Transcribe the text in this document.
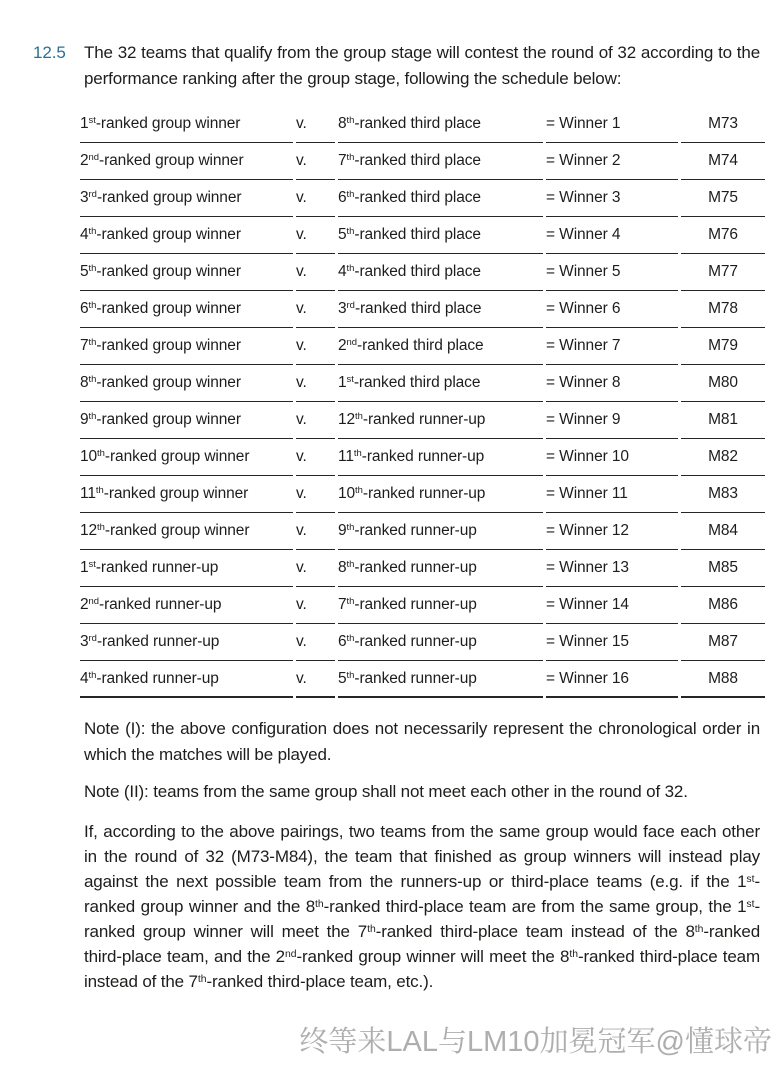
12.5	The 32 teams that qualify from the group stage will contest the round of 32 according to the performance ranking after the group stage, following the schedule below:

1st-ranked group winner	v.	8th-ranked third place	= Winner 1	M73
2nd-ranked group winner	v.	7th-ranked third place	= Winner 2	M74
3rd-ranked group winner	v.	6th-ranked third place	= Winner 3	M75
4th-ranked group winner	v.	5th-ranked third place	= Winner 4	M76
5th-ranked group winner	v.	4th-ranked third place	= Winner 5	M77
6th-ranked group winner	v.	3rd-ranked third place	= Winner 6	M78
7th-ranked group winner	v.	2nd-ranked third place	= Winner 7	M79
8th-ranked group winner	v.	1st-ranked third place	= Winner 8	M80
9th-ranked group winner	v.	12th-ranked runner-up	= Winner 9	M81
10th-ranked group winner	v.	11th-ranked runner-up	= Winner 10	M82
11th-ranked group winner	v.	10th-ranked runner-up	= Winner 11	M83
12th-ranked group winner	v.	9th-ranked runner-up	= Winner 12	M84
1st-ranked runner-up	v.	8th-ranked runner-up	= Winner 13	M85
2nd-ranked runner-up	v.	7th-ranked runner-up	= Winner 14	M86
3rd-ranked runner-up	v.	6th-ranked runner-up	= Winner 15	M87
4th-ranked runner-up	v.	5th-ranked runner-up	= Winner 16	M88

Note (I): the above configuration does not necessarily represent the chronological order in which the matches will be played.

Note (II): teams from the same group shall not meet each other in the round of 32.

If, according to the above pairings, two teams from the same group would face each other in the round of 32 (M73-M84), the team that finished as group winners will instead play against the next possible team from the runners-up or third-place teams (e.g. if the 1st-ranked group winner and the 8th-ranked third-place team are from the same group, the 1st-ranked group winner will meet the 7th-ranked third-place team instead of the 8th-ranked third-place team, and the 2nd-ranked group winner will meet the 8th-ranked third-place team instead of the 7th-ranked third-place team, etc.).

终等来LAL与LM10加冕冠军@懂球帝
